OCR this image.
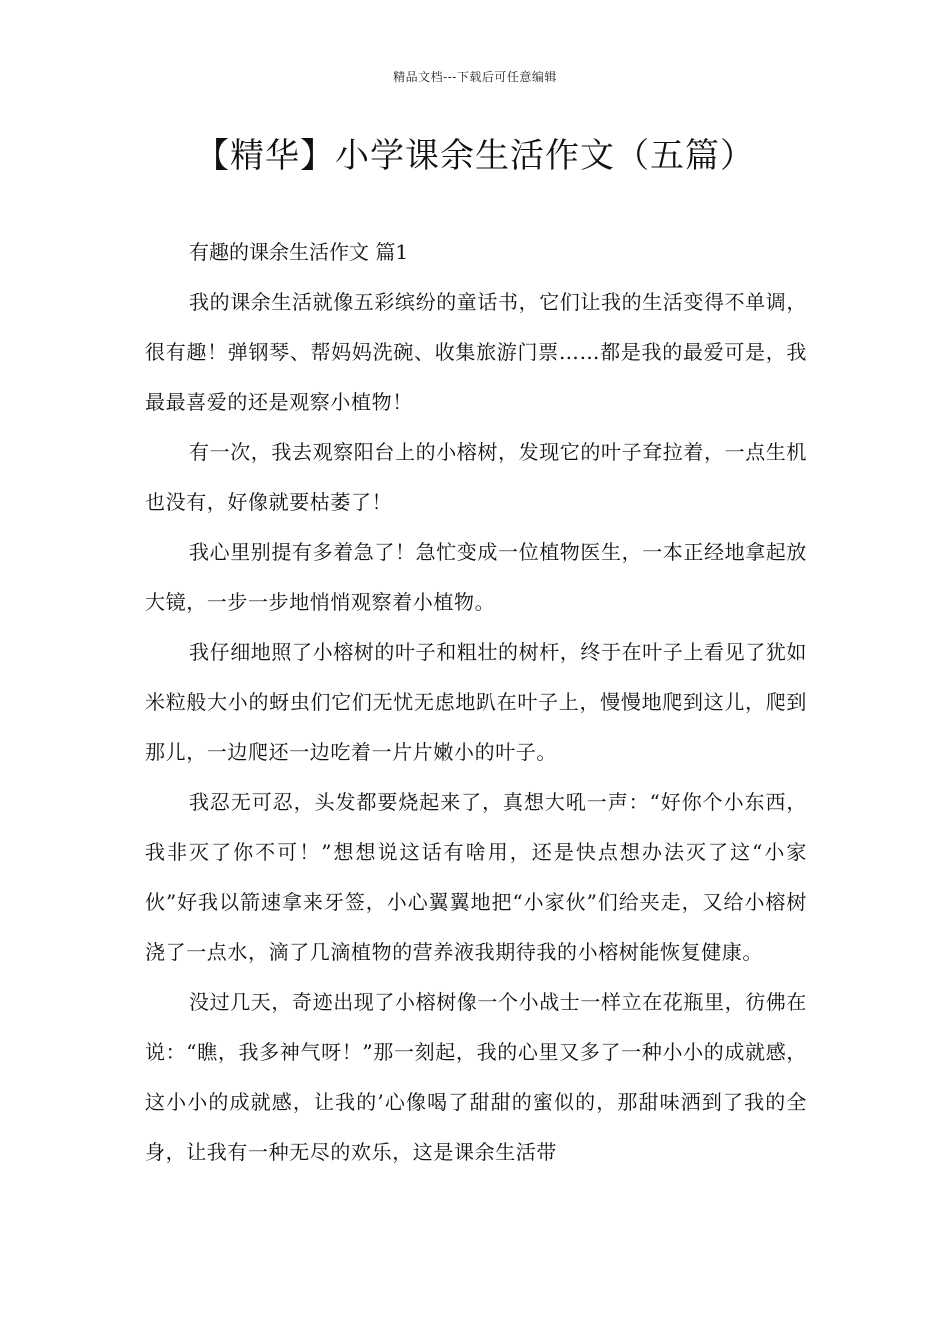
精品文档---下载后可任意编辑
【精华】小学课余生活作文（五篇）

有趣的课余生活作文 篇1

我的课余生活就像五彩缤纷的童话书，它们让我的生活变得不单调，很有趣！弹钢琴、帮妈妈洗碗、收集旅游门票……都是我的最爱可是，我最最喜爱的还是观察小植物！

有一次，我去观察阳台上的小榕树，发现它的叶子耷拉着，一点生机也没有，好像就要枯萎了！

我心里别提有多着急了！急忙变成一位植物医生，一本正经地拿起放大镜，一步一步地悄悄观察着小植物。

我仔细地照了小榕树的叶子和粗壮的树杆，终于在叶子上看见了犹如米粒般大小的蚜虫们它们无忧无虑地趴在叶子上，慢慢地爬到这儿，爬到那儿，一边爬还一边吃着一片片嫩小的叶子。

我忍无可忍，头发都要烧起来了，真想大吼一声：“好你个小东西，我非灭了你不可！”想想说这话有啥用，还是快点想办法灭了这“小家伙”好我以箭速拿来牙签，小心翼翼地把“小家伙”们给夹走，又给小榕树浇了一点水，滴了几滴植物的营养液我期待我的小榕树能恢复健康。

没过几天，奇迹出现了小榕树像一个小战士一样立在花瓶里，彷佛在说：“瞧，我多神气呀！”那一刻起，我的心里又多了一种小小的成就感，这小小的成就感，让我的’心像喝了甜甜的蜜似的，那甜味洒到了我的全身，让我有一种无尽的欢乐，这是课余生活带
